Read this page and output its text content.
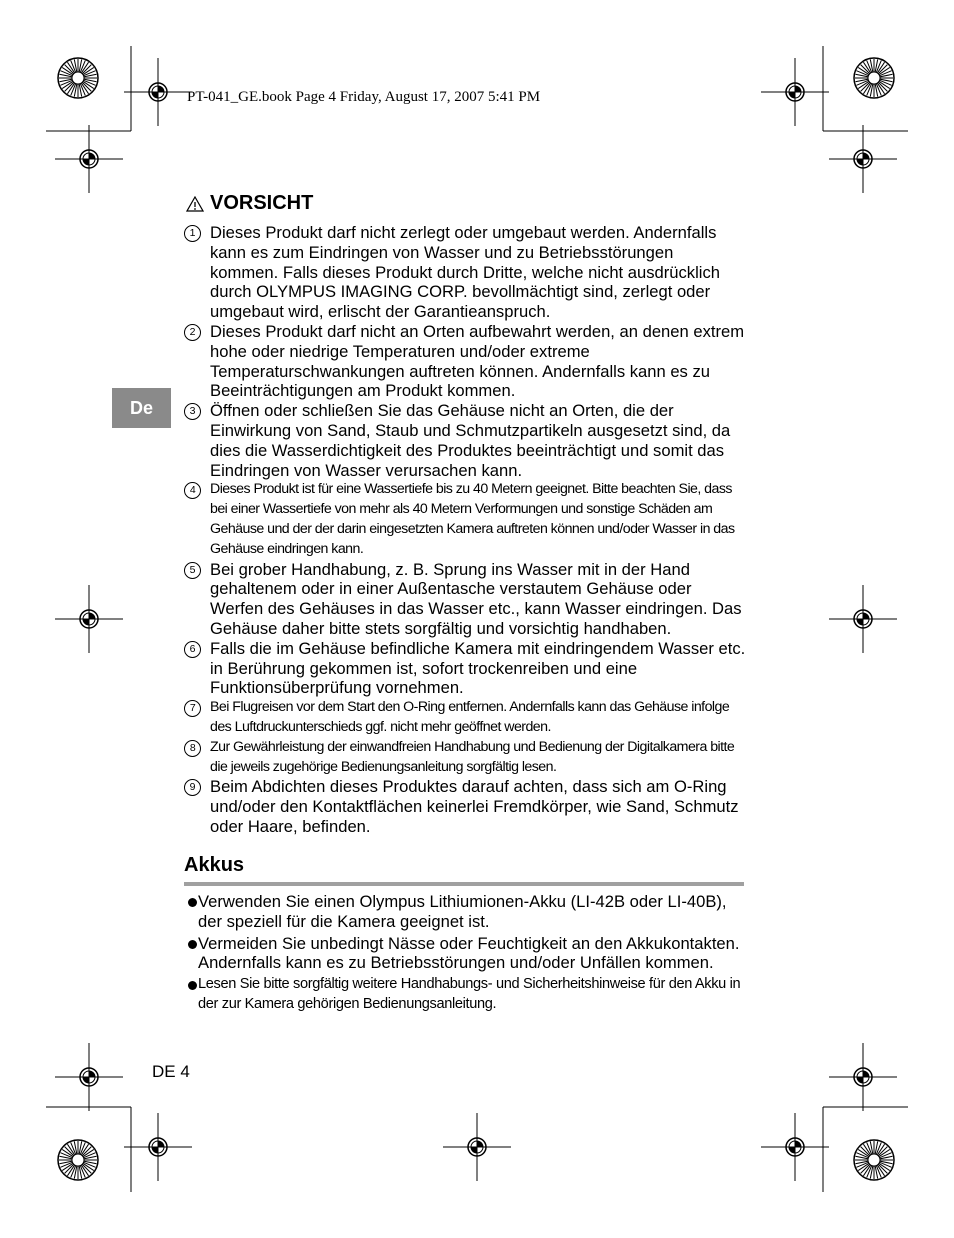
PT-041_GE.book Page 4 Friday, August 17, 2007 5:41 PM
VORSICHT
De
1 Dieses Produkt darf nicht zerlegt oder umgebaut werden. Andernfalls kann es zum Eindringen von Wasser und zu Betriebsstörungen kommen. Falls dieses Produkt durch Dritte, welche nicht ausdrücklich durch OLYMPUS IMAGING CORP. bevollmächtigt sind, zerlegt oder umgebaut wird, erlischt der Garantieanspruch.
2 Dieses Produkt darf nicht an Orten aufbewahrt werden, an denen extrem hohe oder niedrige Temperaturen und/oder extreme Temperaturschwankungen auftreten können. Andernfalls kann es zu Beeinträchtigungen am Produkt kommen.
3 Öffnen oder schließen Sie das Gehäuse nicht an Orten, die der Einwirkung von Sand, Staub und Schmutzpartikeln ausgesetzt sind, da dies die Wasserdichtigkeit des Produktes beeinträchtigt und somit das Eindringen von Wasser verursachen kann.
4	Dieses Produkt ist für eine Wassertiefe bis zu 40 Metern geeignet. Bitte beachten Sie, dass bei einer Wassertiefe von mehr als 40 Metern Verformungen und sonstige Schäden am Gehäuse und der der darin eingesetzten Kamera auftreten können und/oder Wasser in das Gehäuse eindringen kann.
5 Bei grober Handhabung, z. B. Sprung ins Wasser mit in der Hand gehaltenem oder in einer Außentasche verstautem Gehäuse oder Werfen des Gehäuses in das Wasser etc., kann Wasser eindringen. Das Gehäuse daher bitte stets sorgfältig und vorsichtig handhaben.
6 Falls die im Gehäuse befindliche Kamera mit eindringendem Wasser etc. in Berührung gekommen ist, sofort trockenreiben und eine Funktionsüberprüfung vornehmen.
7	Bei Flugreisen vor dem Start den O-Ring entfernen. Andernfalls kann das Gehäuse infolge des Luftdruckunterschieds ggf. nicht mehr geöffnet werden.
8	Zur Gewährleistung der einwandfreien Handhabung und Bedienung der Digitalkamera bitte die jeweils zugehörige Bedienungsanleitung sorgfältig lesen.
9 Beim Abdichten dieses Produktes darauf achten, dass sich am O-Ring und/oder den Kontaktflächen keinerlei Fremdkörper, wie Sand, Schmutz oder Haare, befinden.
Akkus
Verwenden Sie einen Olympus Lithiumionen-Akku (LI-42B oder LI-40B), der speziell für die Kamera geeignet ist.
Vermeiden Sie unbedingt Nässe oder Feuchtigkeit an den Akkukontakten. Andernfalls kann es zu Betriebsstörungen und/oder Unfällen kommen.
Lesen Sie bitte sorgfältig weitere Handhabungs- und Sicherheitshinweise für den Akku in der zur Kamera gehörigen Bedienungsanleitung.
DE 4
